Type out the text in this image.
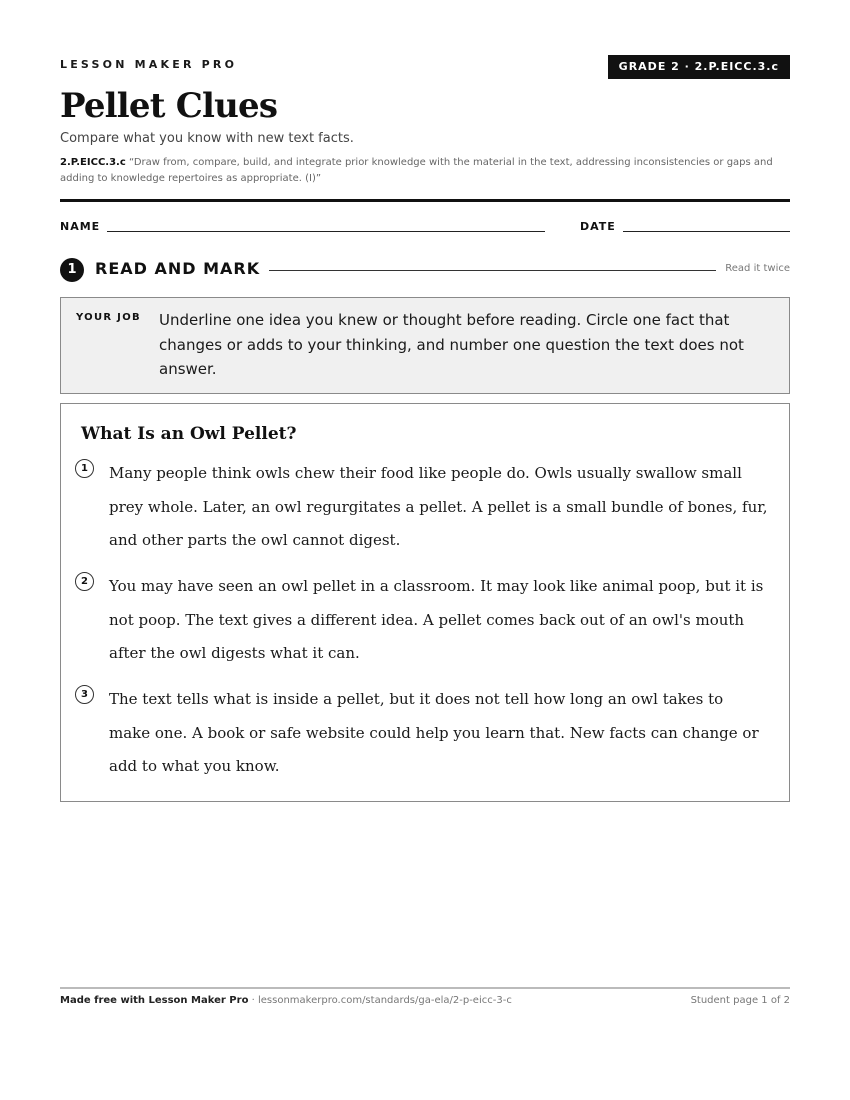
LESSON MAKER PRO	GRADE 2 · 2.P.EICC.3.c
Pellet Clues
Compare what you know with new text facts.
2.P.EICC.3.c “Draw from, compare, build, and integrate prior knowledge with the material in the text, addressing inconsistencies or gaps and adding to knowledge repertoires as appropriate. (I)”
NAME	DATE
1	READ AND MARK	Read it twice
YOUR JOB Underline one idea you knew or thought before reading. Circle one fact that changes or adds to your thinking, and number one question the text does not answer.
What Is an Owl Pellet?
1	Many people think owls chew their food like people do. Owls usually swallow small prey whole. Later, an owl regurgitates a pellet. A pellet is a small bundle of bones, fur, and other parts the owl cannot digest.

2	You may have seen an owl pellet in a classroom. It may look like animal poop, but it is not poop. The text gives a different idea. A pellet comes back out of an owl's mouth after the owl digests what it can.

3	The text tells what is inside a pellet, but it does not tell how long an owl takes to make one. A book or safe website could help you learn that. New facts can change or add to what you know.

Made free with Lesson Maker Pro · lessonmakerpro.com/standards/ga-ela/2-p-eicc-3-c	Student page 1 of 2
